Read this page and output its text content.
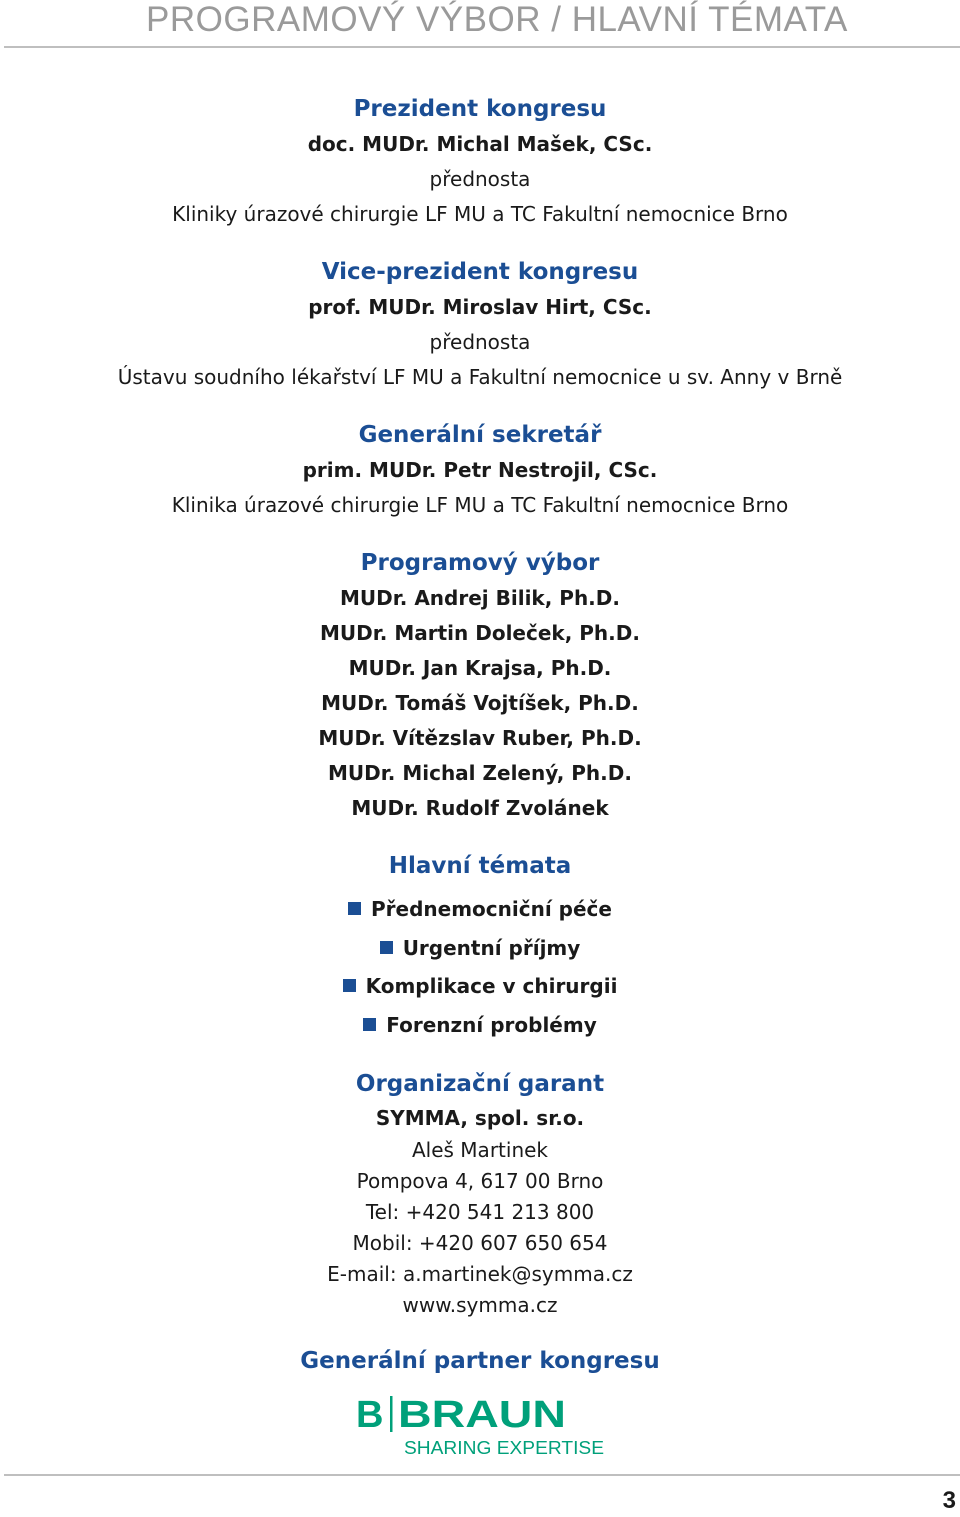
PROGRAMOVÝ VÝBOR / HLAVNÍ TÉMATA
Prezident kongresu
doc. MUDr. Michal Mašek, CSc.
přednosta
Kliniky úrazové chirurgie LF MU a TC Fakultní nemocnice Brno
Vice-prezident kongresu
prof. MUDr. Miroslav Hirt, CSc.
přednosta
Ústavu soudního lékařství LF MU a Fakultní nemocnice u sv. Anny v Brně
Generální sekretář
prim. MUDr. Petr Nestrojil, CSc.
Klinika úrazové chirurgie LF MU a TC Fakultní nemocnice Brno
Programový výbor
MUDr. Andrej Bilik, Ph.D.
MUDr. Martin Doleček, Ph.D.
MUDr. Jan Krajsa, Ph.D.
MUDr. Tomáš Vojtíšek, Ph.D.
MUDr. Vítězslav Ruber, Ph.D.
MUDr. Michal Zelený, Ph.D.
MUDr. Rudolf Zvolánek
Hlavní témata
Přednemocniční péče
Urgentní příjmy
Komplikace v chirurgii
Forenzní problémy
Organizační garant
SYMMA, spol. sr.o.
Aleš Martinek
Pompova 4, 617 00 Brno
Tel: +420 541 213 800
Mobil: +420 607 650 654
E-mail: a.martinek@symma.cz
www.symma.cz
Generální partner kongresu
B BRAUN
SHARING EXPERTISE
3
